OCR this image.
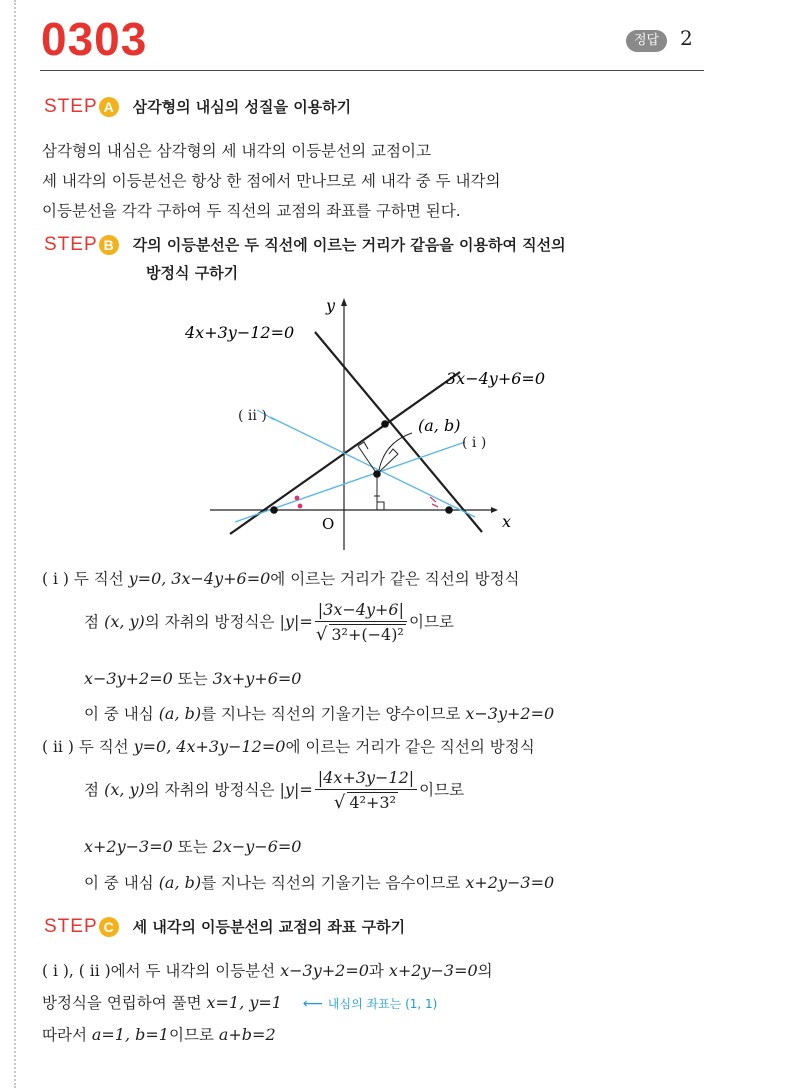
0303	정답	2
STEP A	삼각형의 내심의 성질을 이용하기
삼각형의 내심은 삼각형의 세 내각의 이등분선의 교점이고
세 내각의 이등분선은 항상 한 점에서 만나므로 세 내각 중 두 내각의
이등분선을 각각 구하여 두 직선의 교점의 좌표를 구하면 된다.
STEP B	각의 이등분선은 두 직선에 이르는 거리가 같음을 이용하여 직선의
방정식 구하기
y
x
O
4x+3y−12=0
3x−4y+6=0
( ii )	(a, b)
( i )
( i ) 두 직선 y=0, 3x−4y+6=0에 이르는 거리가 같은 직선의 방정식
점 (x, y)의 자취의 방정식은 $|y|= \frac{|3x-4y+6|}{\text{√ 3²+(−4)²}}$ 이므로
x−3y+2=0 또는 3x+y+6=0
이 중 내심 (a, b)를 지나는 직선의 기울기는 양수이므로 x−3y+2=0
( ii ) 두 직선 y=0, 4x+3y−12=0에 이르는 거리가 같은 직선의 방정식
점 (x, y)의 자취의 방정식은 $|y|= \frac{|4x+3y-12|}{\text{√ 4²+3²}}$ 이므로
x+2y−3=0 또는 2x−y−6=0
이 중 내심 (a, b)를 지나는 직선의 기울기는 음수이므로 x+2y−3=0
STEP C	세 내각의 이등분선의 교점의 좌표 구하기
( i ), ( ii )에서 두 내각의 이등분선 x−3y+2=0과 x+2y−3=0의
방정식을 연립하여 풀면 x=1, y=1 ⟵ 내심의 좌표는 (1, 1)
따라서 a=1, b=1이므로 a+b=2
